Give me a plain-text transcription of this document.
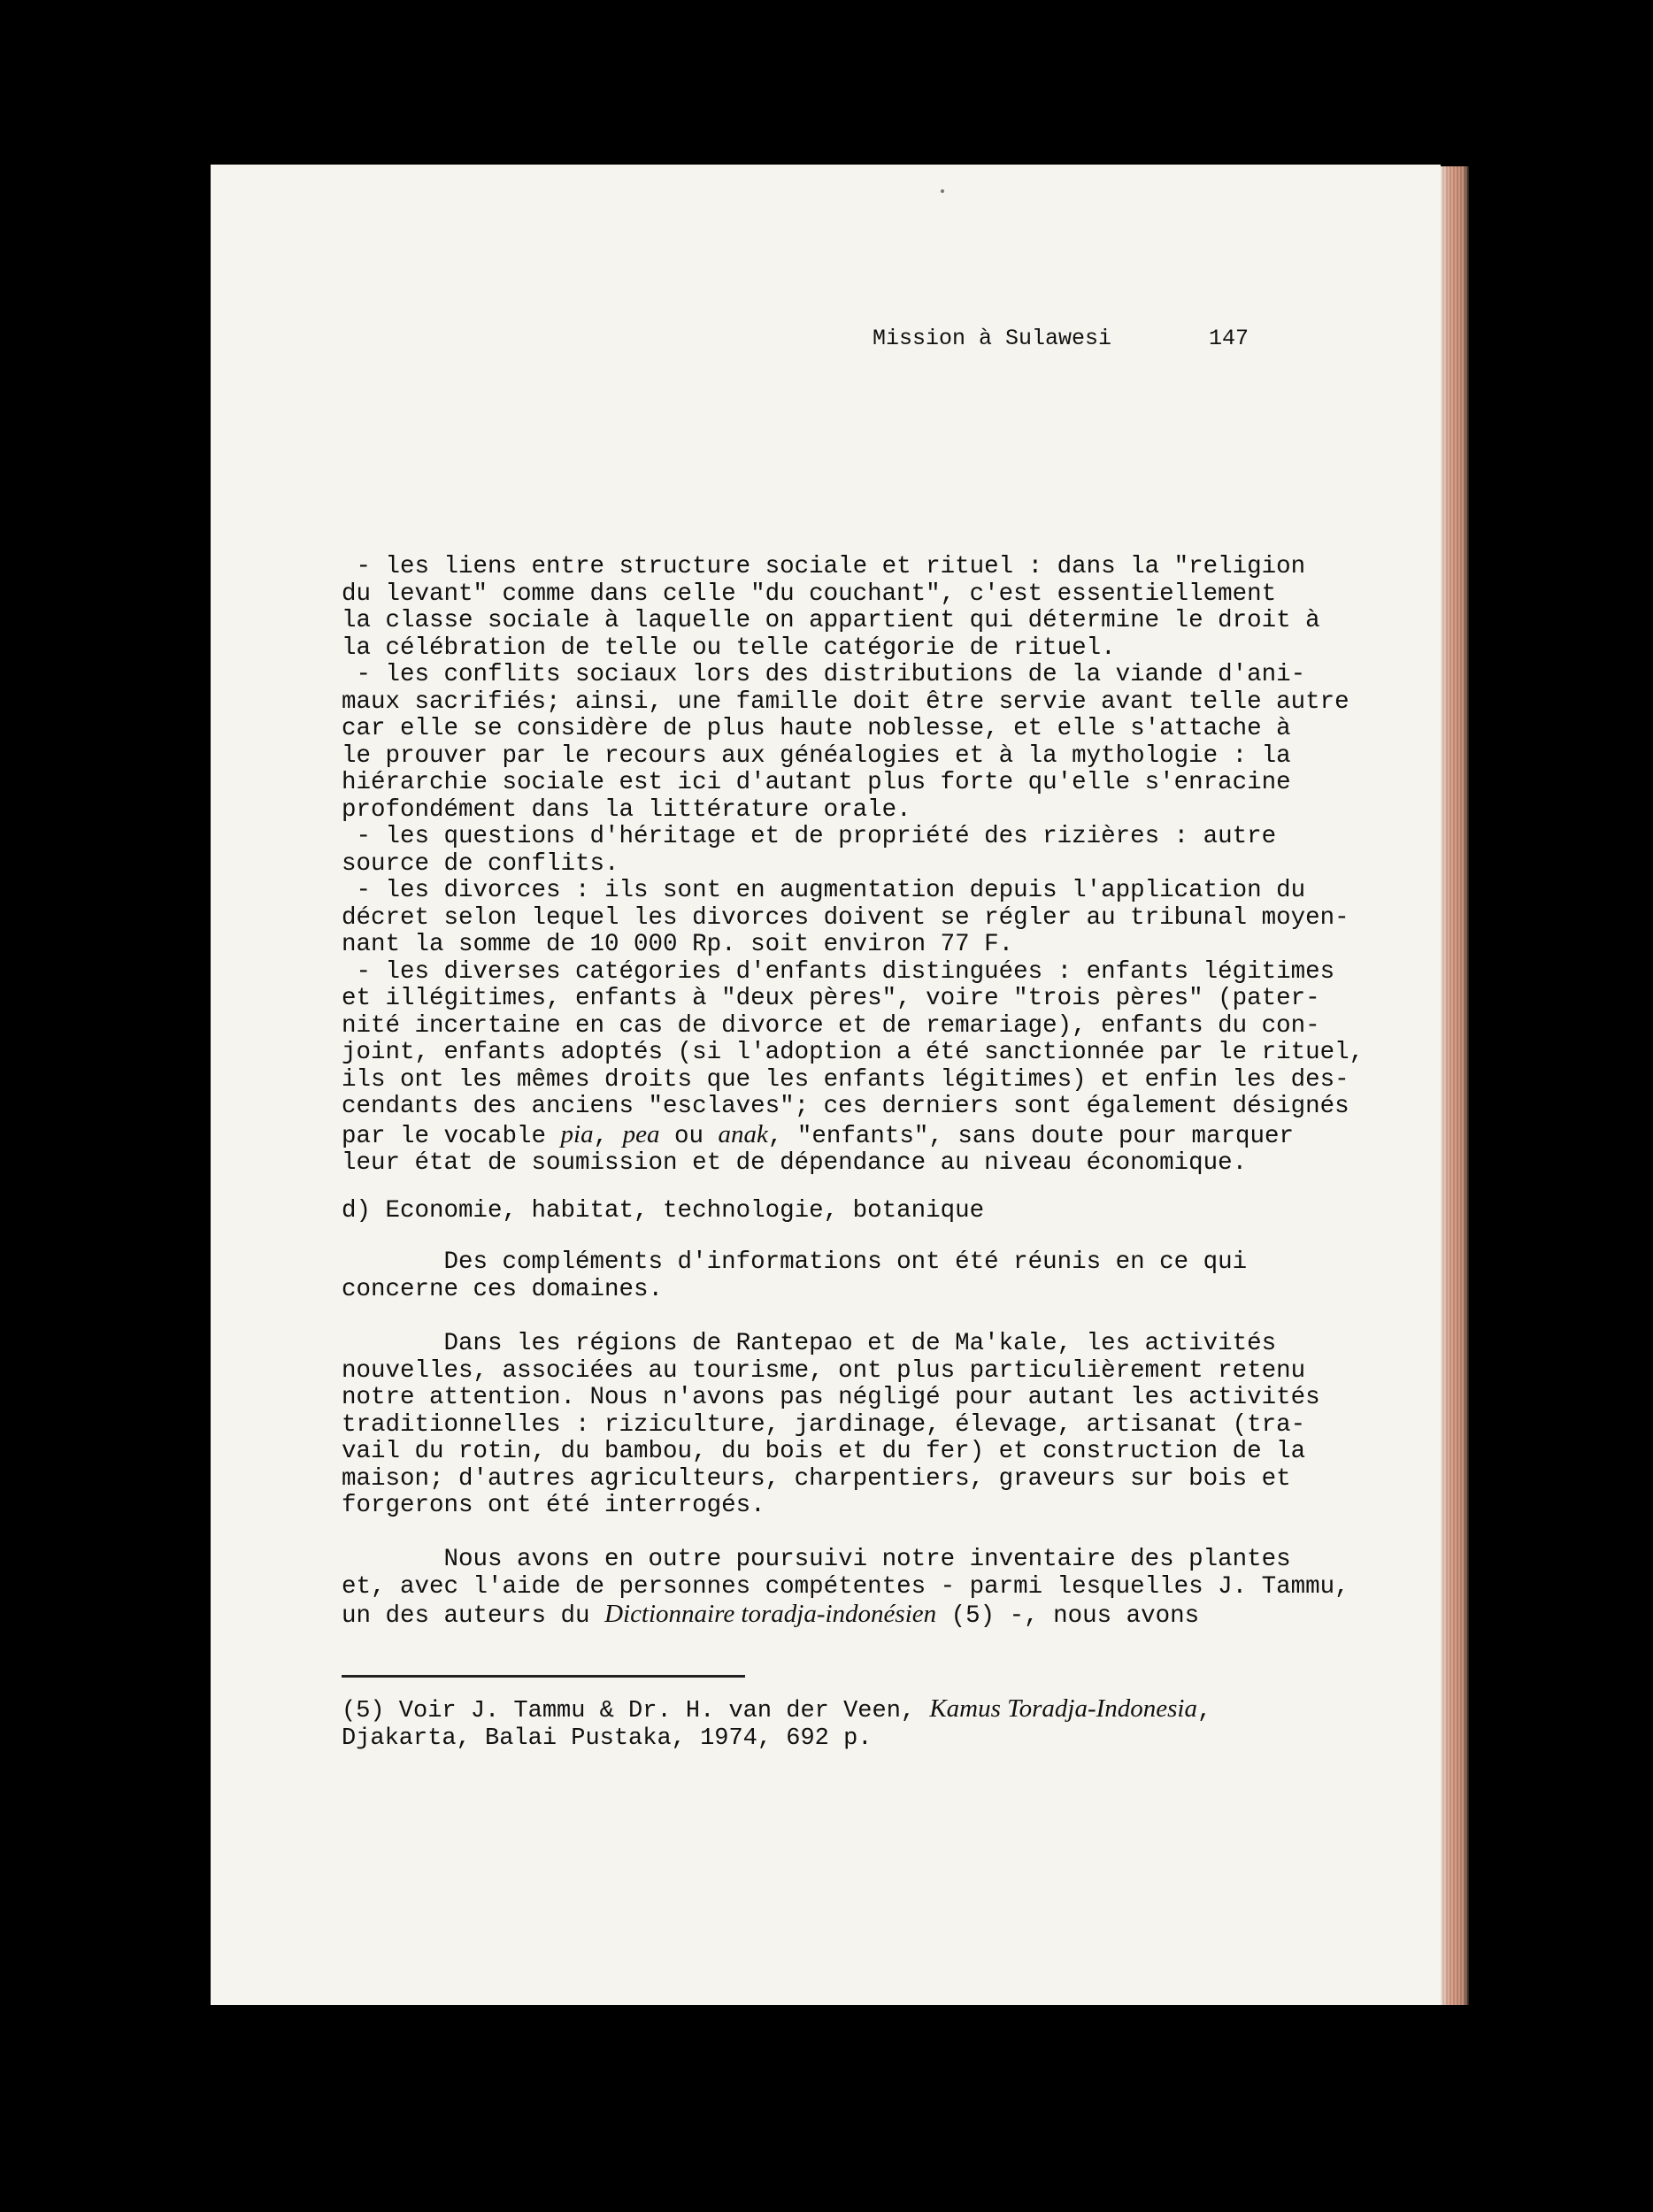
Mission à Sulawesi	147
- les liens entre structure sociale et rituel : dans la "religion
du levant" comme dans celle "du couchant", c'est essentiellement
la classe sociale à laquelle on appartient qui détermine le droit à
la célébration de telle ou telle catégorie de rituel.
- les conflits sociaux lors des distributions de la viande d'ani-
maux sacrifiés; ainsi, une famille doit être servie avant telle autre
car elle se considère de plus haute noblesse, et elle s'attache à
le prouver par le recours aux généalogies et à la mythologie : la
hiérarchie sociale est ici d'autant plus forte qu'elle s'enracine
profondément dans la littérature orale.
- les questions d'héritage et de propriété des rizières : autre
source de conflits.
- les divorces : ils sont en augmentation depuis l'application du
décret selon lequel les divorces doivent se régler au tribunal moyen-
nant la somme de 10 000 Rp. soit environ 77 F.
- les diverses catégories d'enfants distinguées : enfants légitimes
et illégitimes, enfants à "deux pères", voire "trois pères" (pater-
nité incertaine en cas de divorce et de remariage), enfants du con-
joint, enfants adoptés (si l'adoption a été sanctionnée par le rituel,
ils ont les mêmes droits que les enfants légitimes) et enfin les des-
cendants des anciens "esclaves"; ces derniers sont également désignés
par le vocable pia, pea ou anak, "enfants", sans doute pour marquer
leur état de soumission et de dépendance au niveau économique.
d) Economie, habitat, technologie, botanique
Des compléments d'informations ont été réunis en ce qui
concerne ces domaines.
Dans les régions de Rantepao et de Ma'kale, les activités
nouvelles, associées au tourisme, ont plus particulièrement retenu
notre attention. Nous n'avons pas négligé pour autant les activités
traditionnelles : riziculture, jardinage, élevage, artisanat (tra-
vail du rotin, du bambou, du bois et du fer) et construction de la
maison; d'autres agriculteurs, charpentiers, graveurs sur bois et
forgerons ont été interrogés.
Nous avons en outre poursuivi notre inventaire des plantes
et, avec l'aide de personnes compétentes - parmi lesquelles J. Tammu,
un des auteurs du Dictionnaire toradja-indonésien (5) -, nous avons
(5) Voir J. Tammu & Dr. H. van der Veen, Kamus Toradja-Indonesia,
Djakarta, Balai Pustaka, 1974, 692 p.
